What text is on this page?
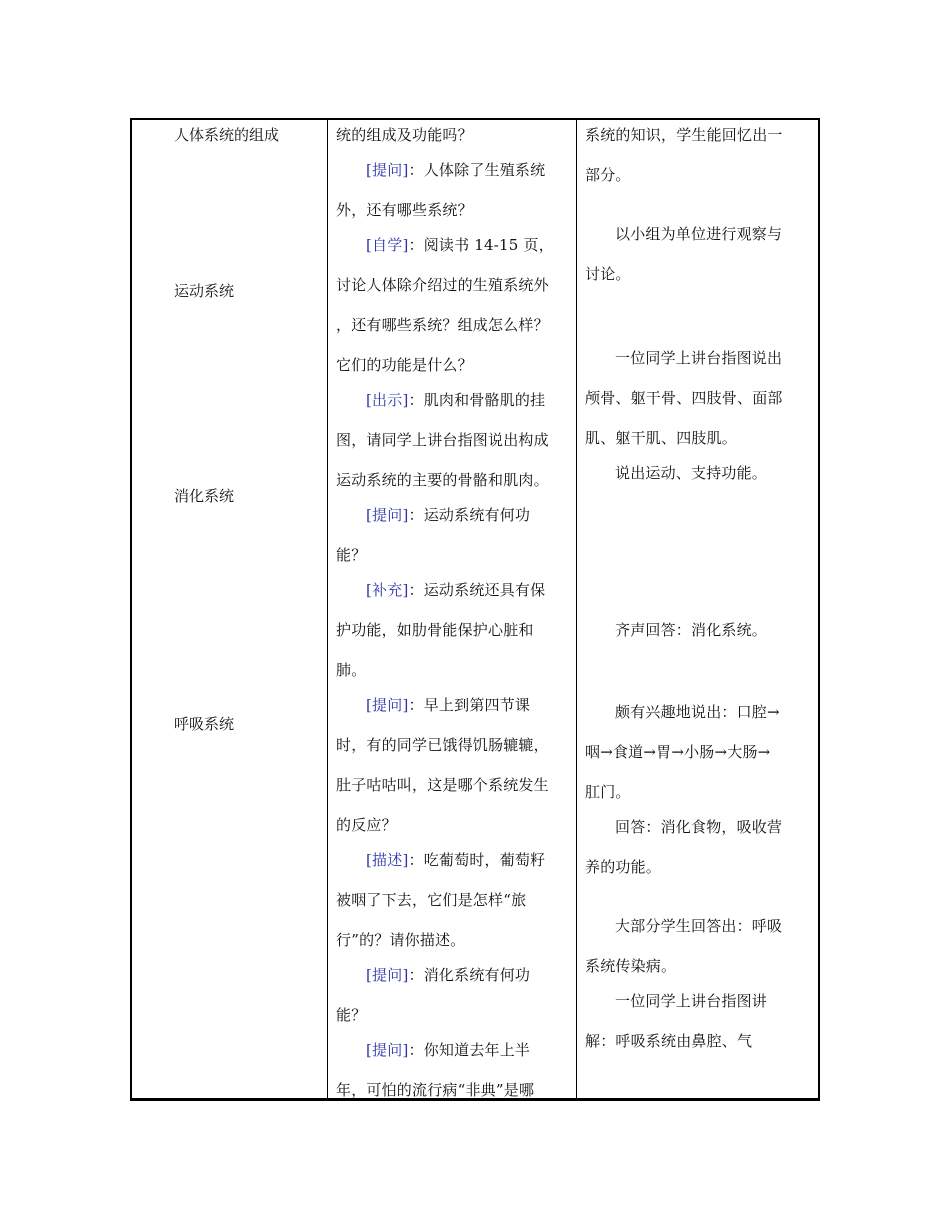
人体系统的组成
运动系统
消化系统
呼吸系统
统的组成及功能吗？
[提问]：人体除了生殖系统
外，还有哪些系统？
[自学]：阅读书 14-15 页，
讨论人体除介绍过的生殖系统外
，还有哪些系统？组成怎么样？
它们的功能是什么？
[出示]：肌肉和骨骼肌的挂
图，请同学上讲台指图说出构成
运动系统的主要的骨骼和肌肉。
[提问]：运动系统有何功
能？
[补充]：运动系统还具有保
护功能，如肋骨能保护心脏和
肺。
[提问]：早上到第四节课
时，有的同学已饿得饥肠辘辘，
肚子咕咕叫，这是哪个系统发生
的反应？
[描述]：吃葡萄时，葡萄籽
被咽了下去，它们是怎样“旅
行”的？请你描述。
[提问]：消化系统有何功
能？
[提问]：你知道去年上半
年，可怕的流行病“非典”是哪
系统的知识，学生能回忆出一
部分。
以小组为单位进行观察与
讨论。
一位同学上讲台指图说出
颅骨、躯干骨、四肢骨、面部
肌、躯干肌、四肢肌。
说出运动、支持功能。
齐声回答：消化系统。
颇有兴趣地说出：口腔→
咽→食道→胃→小肠→大肠→
肛门。
回答：消化食物，吸收营
养的功能。
大部分学生回答出：呼吸
系统传染病。
一位同学上讲台指图讲
解：呼吸系统由鼻腔、气
